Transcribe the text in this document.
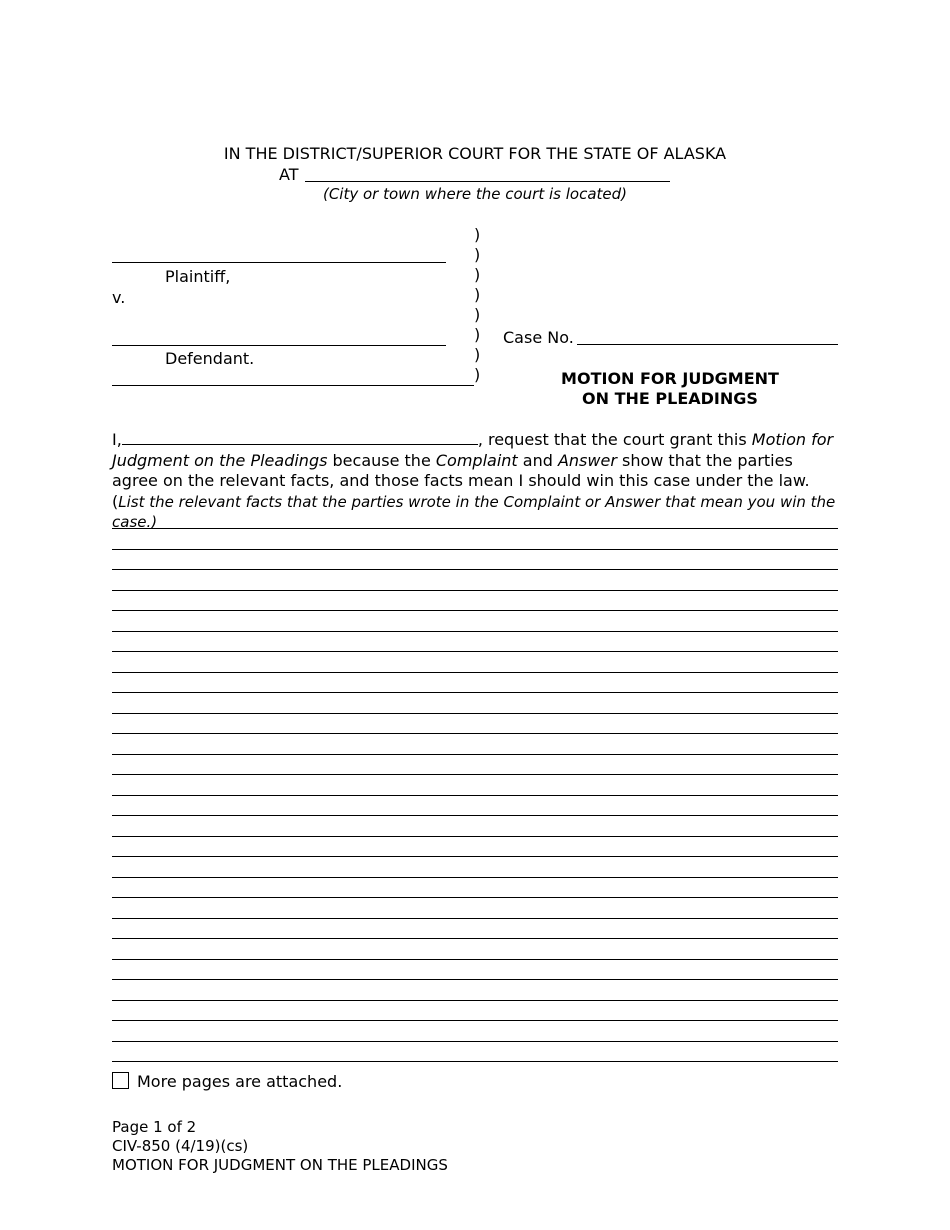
IN THE DISTRICT/SUPERIOR COURT FOR THE STATE OF ALASKA
AT
(City or town where the court is located)
)
)
)
)
)
)
)
)
Plaintiff,
v.
Defendant.
Case No.
MOTION FOR JUDGMENT
ON THE PLEADINGS
I,	, request that the court grant this Motion for Judgment on the Pleadings because the Complaint and Answer show that the parties agree on the relevant facts, and those facts mean I should win this case under the law. (List the relevant facts that the parties wrote in the Complaint or Answer that mean you win the case.)
More pages are attached.
Page 1 of 2
CIV-850 (4/19)(cs)
MOTION FOR JUDGMENT ON THE PLEADINGS
